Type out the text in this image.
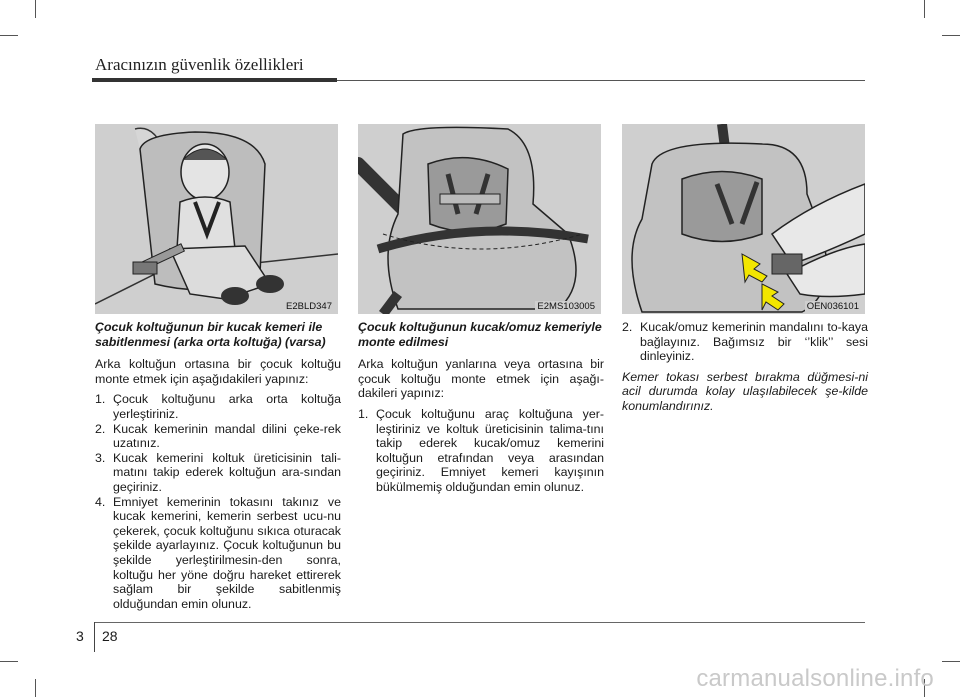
Aracınızın güvenlik özellikleri
E2BLD347	E2MS103005	OEN036101

Çocuk koltuğunun bir kucak kemeri ile sabitlenmesi (arka orta koltuğa) (varsa)

Arka koltuğun ortasına bir çocuk koltuğu monte etmek için aşağıdakileri yapınız:

1. Çocuk koltuğunu arka orta koltuğa yerleştiriniz.
2. Kucak kemerinin mandal dilini çeke-rek uzatınız.
3. Kucak kemerini koltuk üreticisinin tali-matını takip ederek koltuğun ara-sından geçiriniz.
4. Emniyet kemerinin tokasını takınız ve kucak kemerini, kemerin serbest ucu-nu çekerek, çocuk koltuğunu sıkıca oturacak şekilde ayarlayınız. Çocuk koltuğunun bu şekilde yerleştirilmesin-den sonra, koltuğu her yöne doğru hareket ettirerek sağlam bir şekilde sabitlenmiş olduğundan emin olunuz.

Çocuk koltuğunun kucak/omuz kemeriyle monte edilmesi

Arka koltuğun yanlarına veya ortasına bir çocuk koltuğu monte etmek için aşağı-dakileri yapınız:

1. Çocuk koltuğunu araç koltuğuna yer-leştiriniz ve koltuk üreticisinin talima-tını takip ederek kucak/omuz kemerini koltuğun etrafından veya arasından geçiriniz. Emniyet kemeri kayışının bükülmemiş olduğundan emin olunuz.
2. Kucak/omuz kemerinin mandalını to-kaya bağlayınız. Bağımsız bir ‘’klik’’ sesi dinleyiniz.

Kemer tokası serbest bırakma düğmesi-ni acil durumda kolay ulaşılabilecek şe-kilde konumlandırınız.

3 28
carmanualsonline.info
